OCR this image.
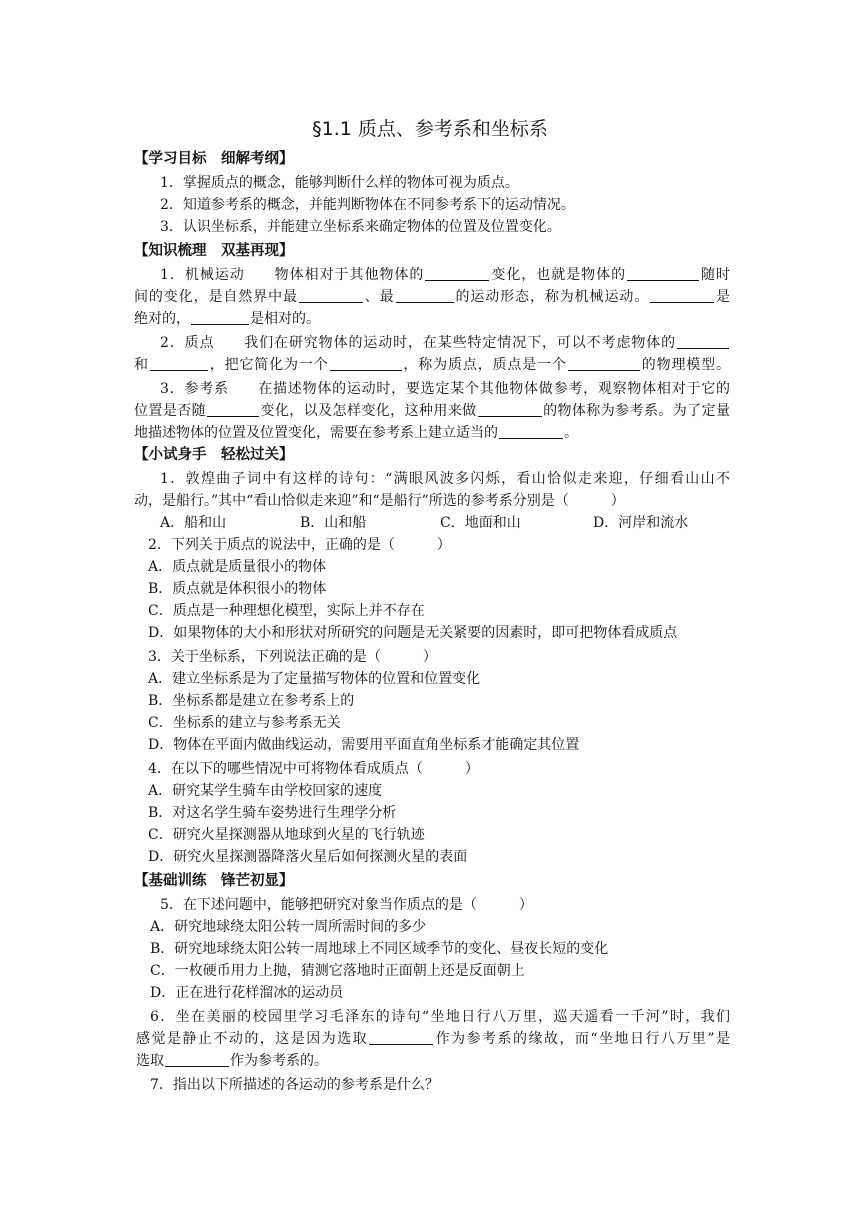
§1.1 质点、参考系和坐标系
【学习目标　细解考纲】
1．掌握质点的概念，能够判断什么样的物体可视为质点。
2．知道参考系的概念，并能判断物体在不同参考系下的运动情况。
3．认识坐标系，并能建立坐标系来确定物体的位置及位置变化。
【知识梳理　双基再现】
1．机械运动　　物体相对于其他物体的	变化，也就是物体的	随时
间的变化，是自然界中最	、最	的运动形态，称为机械运动。	是
绝对的，	是相对的。
2．质点　　我们在研究物体的运动时，在某些特定情况下，可以不考虑物体的
和	，把它简化为一个	，称为质点，质点是一个	的物理模型。
3．参考系　　在描述物体的运动时，要选定某个其他物体做参考，观察物体相对于它的
位置是否随	变化，以及怎样变化，这种用来做	的物体称为参考系。为了定量
地描述物体的位置及位置变化，需要在参考系上建立适当的	。
【小试身手　轻松过关】
1．敦煌曲子词中有这样的诗句：“满眼风波多闪烁，看山恰似走来迎，仔细看山山不
动，是船行。”其中“看山恰似走来迎”和“是船行”所选的参考系分别是（　　　）
A．船和山	B．山和船	C．地面和山	D．河岸和流水
2．下列关于质点的说法中，正确的是（　　　）
A．质点就是质量很小的物体
B．质点就是体积很小的物体
C．质点是一种理想化模型，实际上并不存在
D．如果物体的大小和形状对所研究的问题是无关紧要的因素时，即可把物体看成质点
3．关于坐标系，下列说法正确的是（　　　）
A．建立坐标系是为了定量描写物体的位置和位置变化
B．坐标系都是建立在参考系上的
C．坐标系的建立与参考系无关
D．物体在平面内做曲线运动，需要用平面直角坐标系才能确定其位置
4．在以下的哪些情况中可将物体看成质点（　　　）
A．研究某学生骑车由学校回家的速度
B．对这名学生骑车姿势进行生理学分析
C．研究火星探测器从地球到火星的飞行轨迹
D．研究火星探测器降落火星后如何探测火星的表面
【基础训练　锋芒初显】
5．在下述问题中，能够把研究对象当作质点的是（　　　）
A．研究地球绕太阳公转一周所需时间的多少
B．研究地球绕太阳公转一周地球上不同区域季节的变化、昼夜长短的变化
C．一枚硬币用力上抛，猜测它落地时正面朝上还是反面朝上
D．正在进行花样溜冰的运动员
6．坐在美丽的校园里学习毛泽东的诗句“坐地日行八万里，巡天遥看一千河”时，我们
感觉是静止不动的，这是因为选取	作为参考系的缘故，而“坐地日行八万里”是
选取	作为参考系的。
7．指出以下所描述的各运动的参考系是什么？
